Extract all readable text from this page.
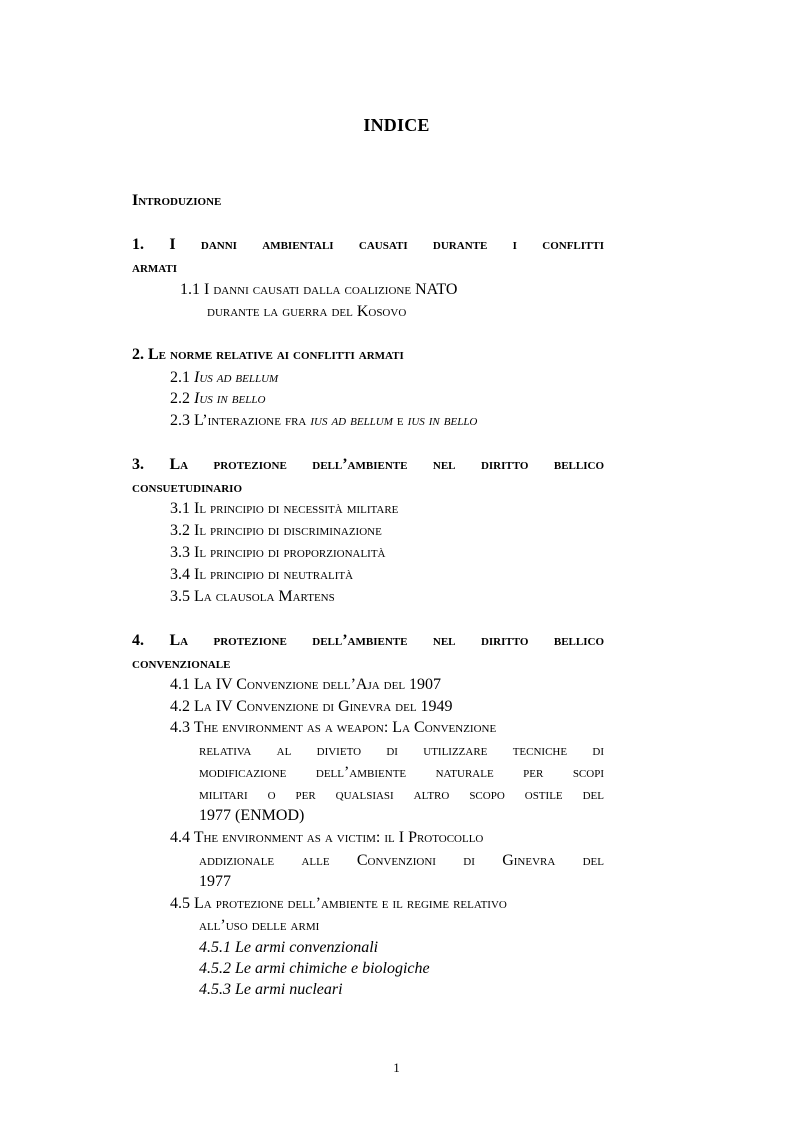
INDICE
Introduzione
1. I danni ambientali causati durante i conflitti
armati
1.1 I danni causati dalla coalizione NATO
durante la guerra del Kosovo
2. Le norme relative ai conflitti armati
2.1 Ius ad bellum
2.2 Ius in bello
2.3 L’interazione fra ius ad bellum e ius in bello
3. La protezione dell’ambiente nel diritto bellico
consuetudinario
3.1 Il principio di necessità militare
3.2 Il principio di discriminazione
3.3 Il principio di proporzionalità
3.4 Il principio di neutralità
3.5 La clausola Martens
4. La protezione dell’ambiente nel diritto bellico
convenzionale
4.1 La IV Convenzione dell’Aja del 1907
4.2 La IV Convenzione di Ginevra del 1949
4.3 The environment as a weapon: La Convenzione
relativa al divieto di utilizzare tecniche di
modificazione dell’ambiente naturale per scopi
militari o per qualsiasi altro scopo ostile del
1977 (ENMOD)
4.4 The environment as a victim: il I Protocollo
addizionale alle Convenzioni di Ginevra del
1977
4.5 La protezione dell’ambiente e il regime relativo
all’uso delle armi
4.5.1 Le armi convenzionali
4.5.2 Le armi chimiche e biologiche
4.5.3 Le armi nucleari
1
